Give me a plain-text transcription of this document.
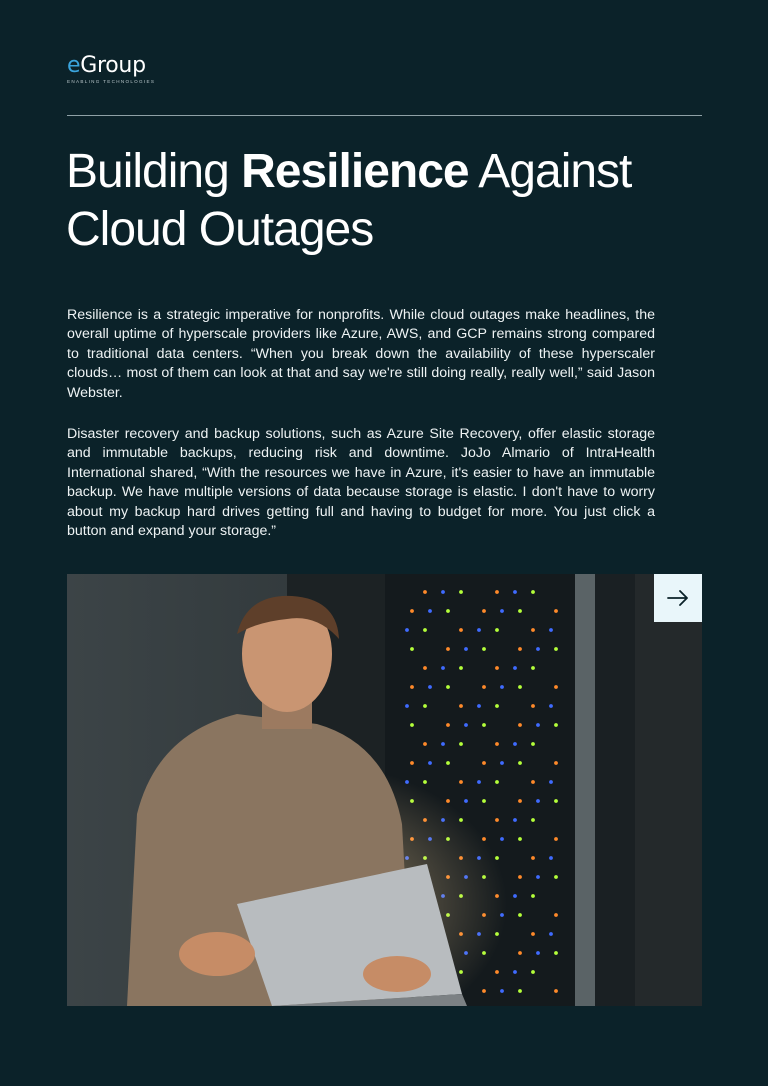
eGroup
ENABLING TECHNOLOGIES
Building Resilience Against Cloud Outages

Resilience is a strategic imperative for nonprofits. While cloud outages make headlines, the overall uptime of hyperscale providers like Azure, AWS, and GCP remains strong compared to traditional data centers. “When you break down the availability of these hyperscaler clouds… most of them can look at that and say we're still doing really, really well,” said Jason Webster.

Disaster recovery and backup solutions, such as Azure Site Recovery, offer elastic storage and immutable backups, reducing risk and downtime. JoJo Almario of IntraHealth International shared, “With the resources we have in Azure, it's easier to have an immutable backup. We have multiple versions of data because storage is elastic. I don't have to worry about my backup hard drives getting full and having to budget for more. You just click a button and expand your storage.”
